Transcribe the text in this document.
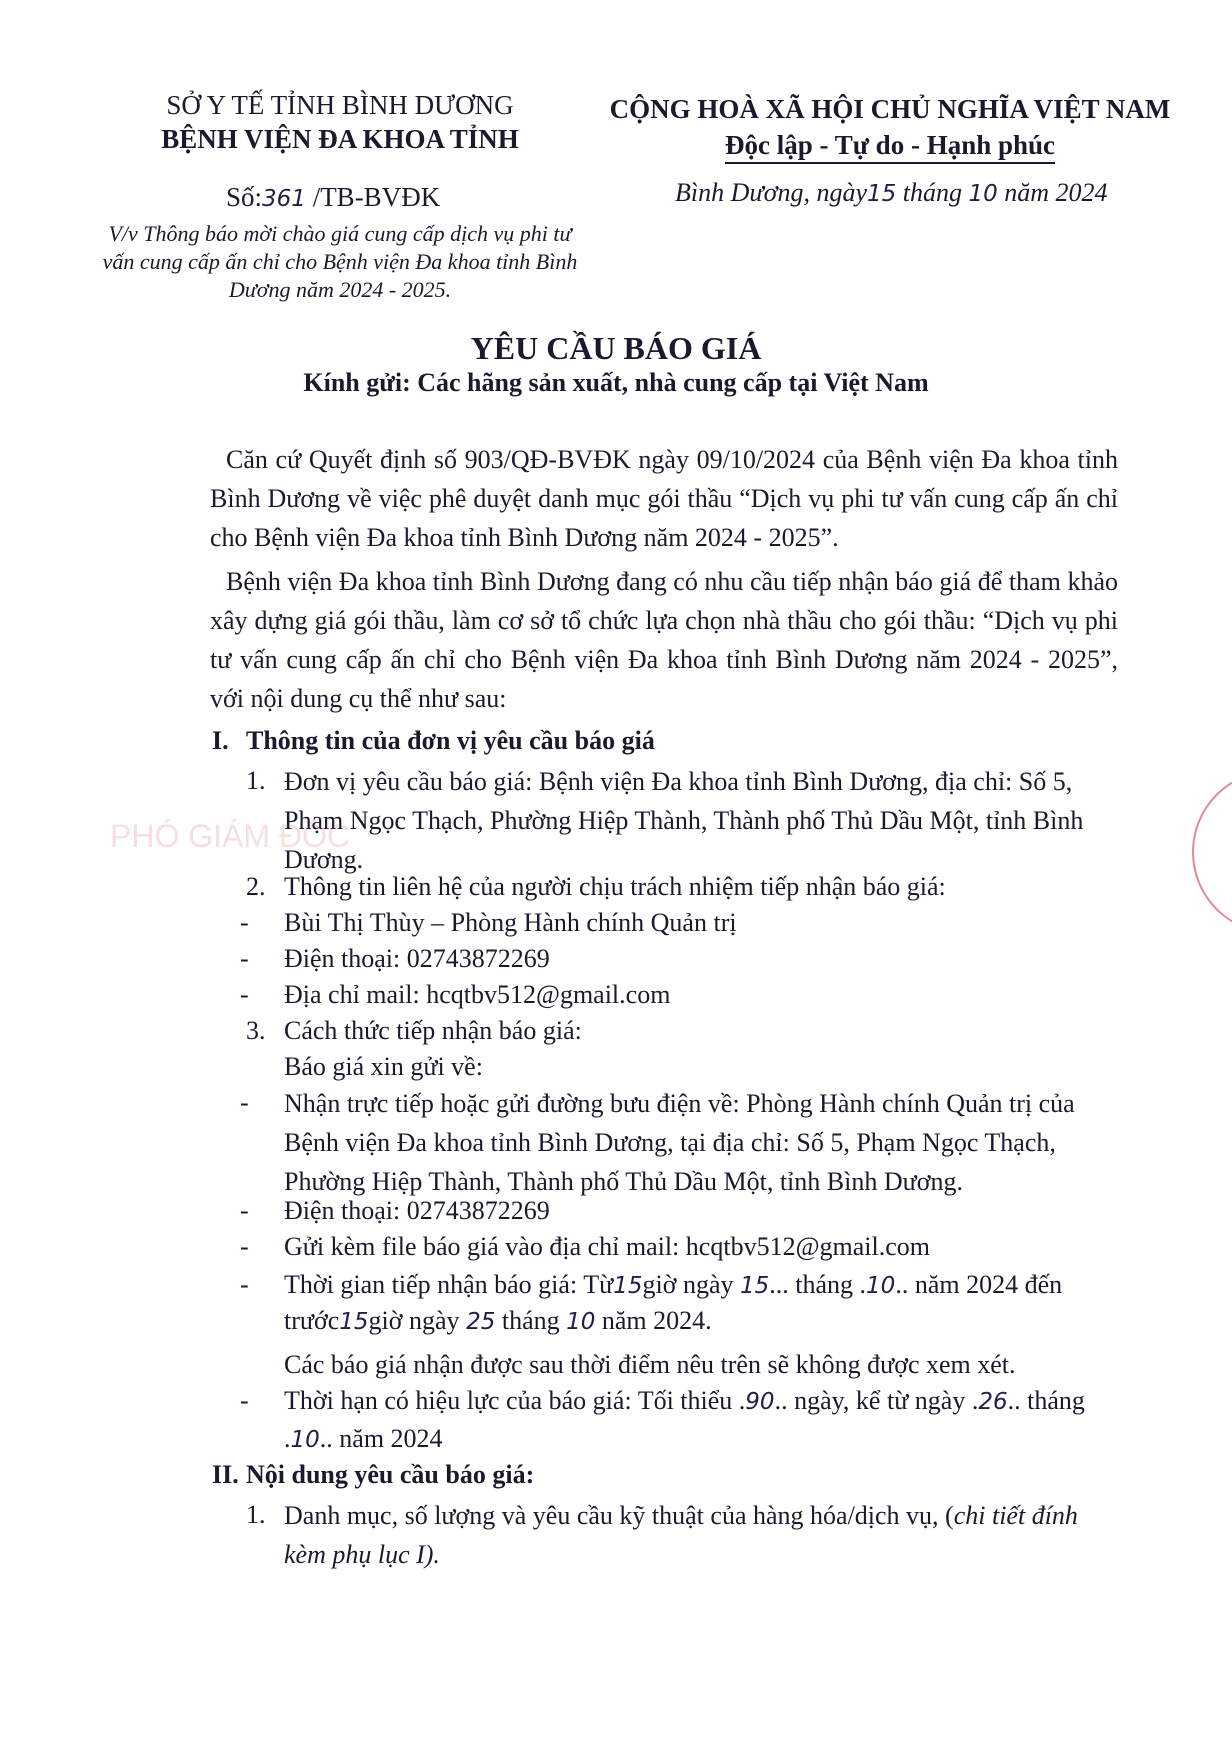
SỞ Y TẾ TỈNH BÌNH DƯƠNG
BỆNH VIỆN ĐA KHOA TỈNH
Số:361 /TB-BVĐK
V/v Thông báo mời chào giá cung cấp dịch vụ phi tư
vấn cung cấp ấn chỉ cho Bệnh viện Đa khoa tỉnh Bình
Dương năm 2024 - 2025.
CỘNG HOÀ XÃ HỘI CHỦ NGHĨA VIỆT NAM
Độc lập - Tự do - Hạnh phúc
Bình Dương, ngày15 tháng 10 năm 2024
YÊU CẦU BÁO GIÁ
Kính gửi: Các hãng sản xuất, nhà cung cấp tại Việt Nam
Căn cứ Quyết định số 903/QĐ-BVĐK ngày 09/10/2024 của Bệnh viện Đa khoa tỉnh Bình Dương về việc phê duyệt danh mục gói thầu “Dịch vụ phi tư vấn cung cấp ấn chỉ cho Bệnh viện Đa khoa tỉnh Bình Dương năm 2024 - 2025”.
Bệnh viện Đa khoa tỉnh Bình Dương đang có nhu cầu tiếp nhận báo giá để tham khảo xây dựng giá gói thầu, làm cơ sở tổ chức lựa chọn nhà thầu cho gói thầu: “Dịch vụ phi tư vấn cung cấp ấn chỉ cho Bệnh viện Đa khoa tỉnh Bình Dương năm 2024 - 2025”, với nội dung cụ thể như sau:
I. Thông tin của đơn vị yêu cầu báo giá
1. Đơn vị yêu cầu báo giá: Bệnh viện Đa khoa tỉnh Bình Dương, địa chỉ: Số 5,
Phạm Ngọc Thạch, Phường Hiệp Thành, Thành phố Thủ Dầu Một, tỉnh Bình
Dương.
2. Thông tin liên hệ của người chịu trách nhiệm tiếp nhận báo giá:
- Bùi Thị Thùy – Phòng Hành chính Quản trị
- Điện thoại: 02743872269
- Địa chỉ mail: hcqtbv512@gmail.com
3. Cách thức tiếp nhận báo giá:
Báo giá xin gửi về:
- Nhận trực tiếp hoặc gửi đường bưu điện về: Phòng Hành chính Quản trị của
Bệnh viện Đa khoa tỉnh Bình Dương, tại địa chỉ: Số 5, Phạm Ngọc Thạch,
Phường Hiệp Thành, Thành phố Thủ Dầu Một, tỉnh Bình Dương.
- Điện thoại: 02743872269
- Gửi kèm file báo giá vào địa chỉ mail: hcqtbv512@gmail.com
- Thời gian tiếp nhận báo giá: Từ15giờ ngày 15... tháng .10.. năm 2024 đến
trước15giờ ngày 25 tháng 10 năm 2024.
Các báo giá nhận được sau thời điểm nêu trên sẽ không được xem xét.
- Thời hạn có hiệu lực của báo giá: Tối thiểu .90.. ngày, kể từ ngày .26.. tháng
.10.. năm 2024
II. Nội dung yêu cầu báo giá:
1. Danh mục, số lượng và yêu cầu kỹ thuật của hàng hóa/dịch vụ, (chi tiết đính
kèm phụ lục I).
PHÓ GIÁM ĐỐC
